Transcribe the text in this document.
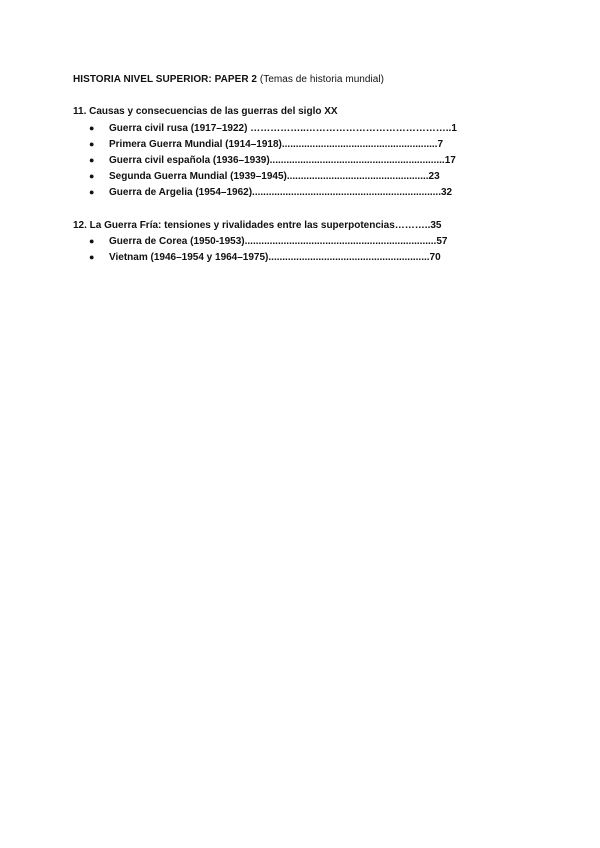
HISTORIA NIVEL SUPERIOR: PAPER 2 (Temas de historia mundial)
11. Causas y consecuencias de las guerras del siglo XX
●	Guerra civil rusa (1917–1922) ……………..…………………………………….. 1
●	Primera Guerra Mundial (1914–1918) ........................................................ 7
●	Guerra civil española (1936–1939) ............................................................... 17
●	Segunda Guerra Mundial (1939–1945) ................................................... 23
●	Guerra de Argelia (1954–1962) .................................................................... 32
12. La Guerra Fría: tensiones y rivalidades entre las superpotencias………..35
●	Guerra de Corea (1950-1953) ..................................................................... 57
●	Vietnam (1946–1954 y 1964–1975) .......................................................... 70
